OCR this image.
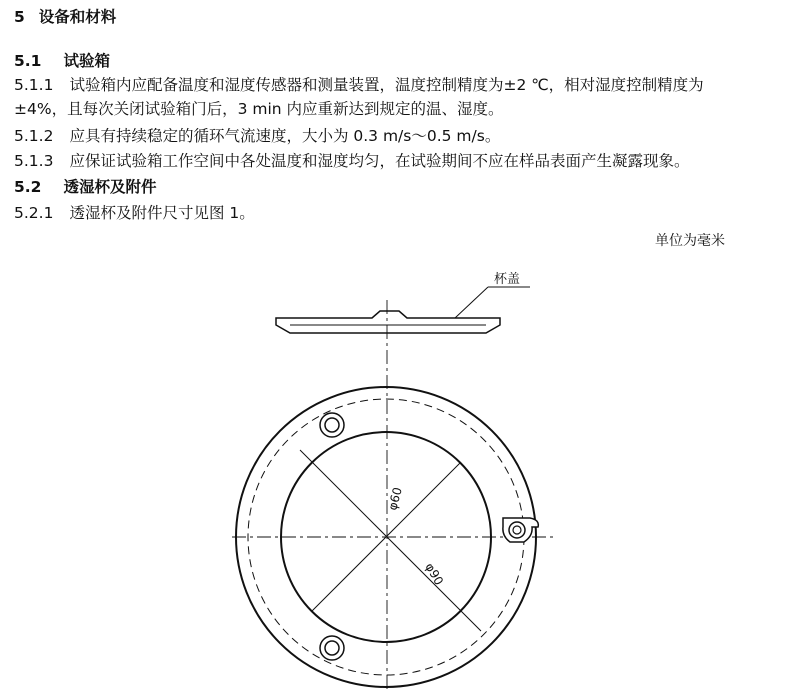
5 设备和材料
5.1 试验箱
5.1.1 试验箱内应配备温度和湿度传感器和测量装置，温度控制精度为±2 ℃，相对湿度控制精度为
±4%，且每次关闭试验箱门后，3 min 内应重新达到规定的温、湿度。
5.1.2 应具有持续稳定的循环气流速度，大小为 0.3 m/s～0.5 m/s。
5.1.3 应保证试验箱工作空间中各处温度和湿度均匀，在试验期间不应在样品表面产生凝露现象。
5.2 透湿杯及附件
5.2.1 透湿杯及附件尺寸见图 1。
单位为毫米
杯盖
φ60
φ90
